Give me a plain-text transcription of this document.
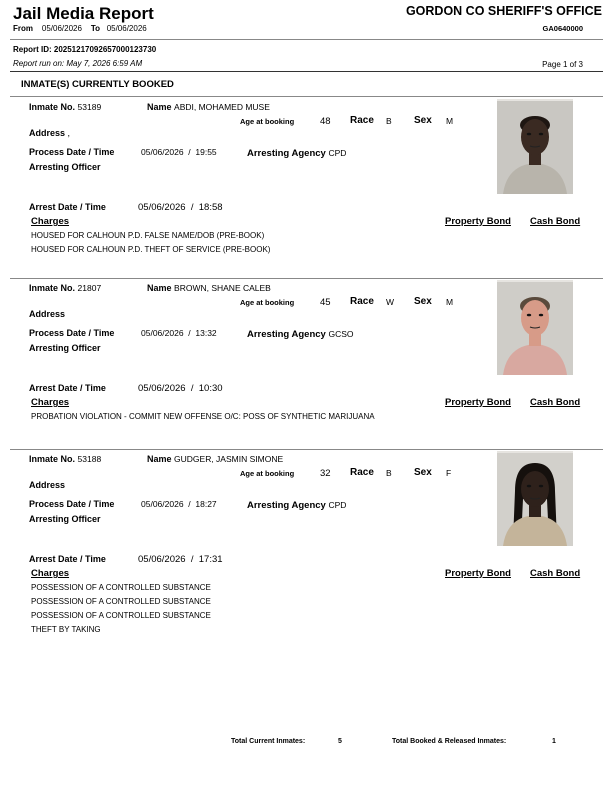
Jail Media Report	GORDON CO SHERIFF'S OFFICE
From 05/06/2026 To 05/06/2026	GA0640000
Report ID: 20251217092657000123730
Report run on: May 7, 2026 6:59 AM	Page 1 of 3
INMATE(S) CURRENTLY BOOKED
Inmate No. 53189	Name ABDI, MOHAMED MUSE
Age at booking	48 Race B Sex M
Address ,
Process Date / Time	05/06/2026 / 19:55	Arresting Agency CPD
Arresting Officer
Arrest Date / Time	05/06/2026 / 18:58
Charges	Property Bond Cash Bond
HOUSED FOR CALHOUN P.D. FALSE NAME/DOB (PRE-BOOK)
HOUSED FOR CALHOUN P.D. THEFT OF SERVICE (PRE-BOOK)
Inmate No. 21807	Name BROWN, SHANE CALEB
Age at booking	45 Race W Sex M
Address
Process Date / Time	05/06/2026 / 13:32	Arresting Agency GCSO
Arresting Officer
Arrest Date / Time	05/06/2026 / 10:30
Charges	Property Bond Cash Bond
PROBATION VIOLATION - COMMIT NEW OFFENSE O/C: POSS OF SYNTHETIC MARIJUANA
Inmate No. 53188	Name GUDGER, JASMIN SIMONE
Age at booking	32 Race B Sex F
Address
Process Date / Time	05/06/2026 / 18:27	Arresting Agency CPD
Arresting Officer
Arrest Date / Time	05/06/2026 / 17:31
Charges	Property Bond Cash Bond
POSSESSION OF A CONTROLLED SUBSTANCE
POSSESSION OF A CONTROLLED SUBSTANCE
POSSESSION OF A CONTROLLED SUBSTANCE
THEFT BY TAKING
Total Current Inmates:	5	Total Booked & Released Inmates:	1
